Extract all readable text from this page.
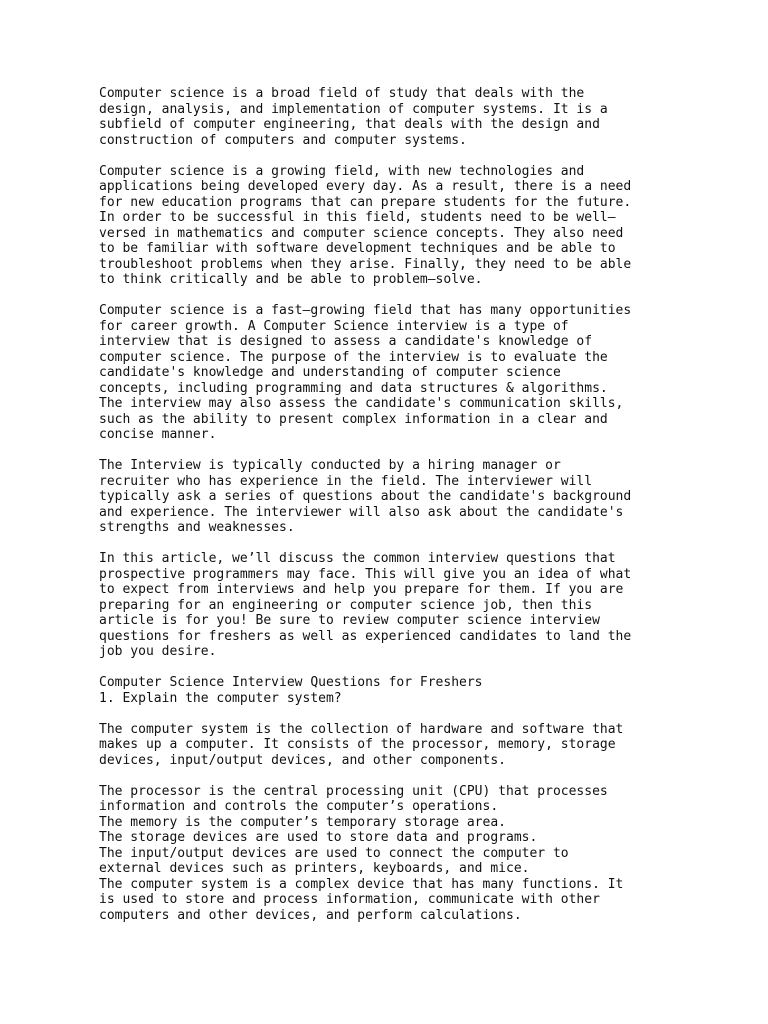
Computer science is a broad field of study that deals with the
design, analysis, and implementation of computer systems. It is a
subfield of computer engineering, that deals with the design and
construction of computers and computer systems.
Computer science is a growing field, with new technologies and
applications being developed every day. As a result, there is a need
for new education programs that can prepare students for the future.
In order to be successful in this field, students need to be well–
versed in mathematics and computer science concepts. They also need
to be familiar with software development techniques and be able to
troubleshoot problems when they arise. Finally, they need to be able
to think critically and be able to problem–solve.
Computer science is a fast–growing field that has many opportunities
for career growth. A Computer Science interview is a type of
interview that is designed to assess a candidate's knowledge of
computer science. The purpose of the interview is to evaluate the
candidate's knowledge and understanding of computer science
concepts, including programming and data structures & algorithms.
The interview may also assess the candidate's communication skills,
such as the ability to present complex information in a clear and
concise manner.
The Interview is typically conducted by a hiring manager or
recruiter who has experience in the field. The interviewer will
typically ask a series of questions about the candidate's background
and experience. The interviewer will also ask about the candidate's
strengths and weaknesses.
In this article, we’ll discuss the common interview questions that
prospective programmers may face. This will give you an idea of what
to expect from interviews and help you prepare for them. If you are
preparing for an engineering or computer science job, then this
article is for you! Be sure to review computer science interview
questions for freshers as well as experienced candidates to land the
job you desire.
Computer Science Interview Questions for Freshers
1. Explain the computer system?
The computer system is the collection of hardware and software that
makes up a computer. It consists of the processor, memory, storage
devices, input/output devices, and other components.
The processor is the central processing unit (CPU) that processes
information and controls the computer’s operations.
The memory is the computer’s temporary storage area.
The storage devices are used to store data and programs.
The input/output devices are used to connect the computer to
external devices such as printers, keyboards, and mice.
The computer system is a complex device that has many functions. It
is used to store and process information, communicate with other
computers and other devices, and perform calculations.
